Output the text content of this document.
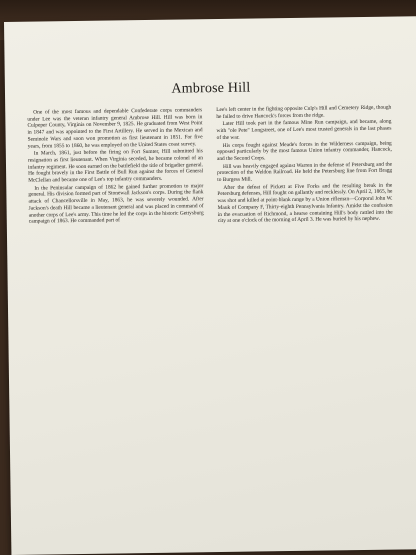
Ambrose Hill

One of the most famous and dependable Confederate corps commanders under Lee was the veteran infantry general Ambrose Hill. Hill was born in Culpeper County, Virginia on November 9, 1825. He graduated from West Point in 1847 and was appointed to the First Artillery. He served in the Mexican and Seminole Wars and soon won promotion as first lieutenant in 1851. For five years, from 1855 to 1860, he was employed on the United States coast survey.

In March, 1861, just before the firing on Fort Sumter, Hill submitted his resignation as first lieutenant. When Virginia seceded, he became colonel of an infantry regiment. He soon earned on the battlefield the title of brigadier general. He fought bravely in the First Battle of Bull Run against the forces of General McClellan and became one of Lee's top infantry commanders.

In the Peninsular campaign of 1862 he gained further promotion to major general. His division formed part of Stonewall Jackson's corps. During the flank attack of Chancellorsville in May, 1863, he was severely wounded. After Jackson's death Hill became a lieutenant general and was placed in command of another corps of Lee's army. This time he led the corps in the historic Gettysburg campaign of 1863. He commanded part of

Lee's left center in the fighting opposite Culp's Hill and Cemetery Ridge, though he failed to drive Hancock's forces from the ridge.

Later Hill took part in the famous Mine Run campaign, and became, along with "ole Pete" Longstreet, one of Lee's most trusted generals in the last phases of the war.

His corps fought against Meade's forces in the Wilderness campaign, being opposed particularly by the most famous Union infantry commander, Hancock, and the Second Corps.

Hill was heavily engaged against Warren in the defense of Petersburg and the protection of the Weldon Railroad. He held the Petersburg line from Fort Bragg to Burgess Mill.

After the defeat of Pickett at Five Forks and the resulting break in the Petersburg defenses, Hill fought on gallantly and recklessly. On April 2, 1865, he was shot and killed at point-blank range by a Union rifleman—Corporal John W. Mauk of Company F, Thirty-eighth Pennsylvania Infantry. Amidst the confusion in the evacuation of Richmond, a hearse containing Hill's body rattled into the city at one o'clock of the morning of April 3. He was buried by his nephew.
